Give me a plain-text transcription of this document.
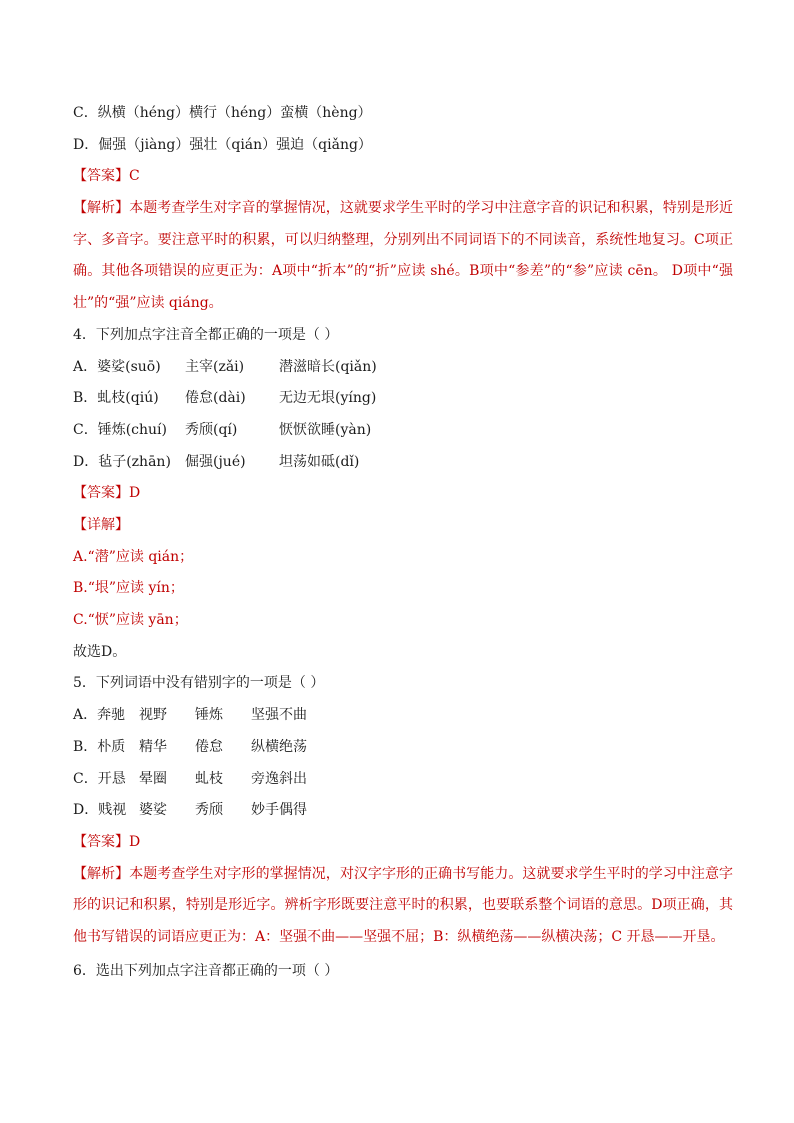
C．纵横（héng）横行（héng）蛮横（hèng）
D．倔强（jiàng）强壮（qián）强迫（qiǎng）
【答案】C
【解析】本题考查学生对字音的掌握情况，这就要求学生平时的学习中注意字音的识记和积累，特别是形近字、多音字。要注意平时的积累，可以归纳整理，分别列出不同词语下的不同读音，系统性地复习。C项正确。其他各项错误的应更正为：A项中“折本”的“折”应读 shé。B项中“参差”的“参”应读 cēn。 D项中“强壮”的“强”应读 qiáng。
4．下列加点字注音全都正确的一项是（ ）
A．婆娑(suō) 主宰(zǎi) 潜滋暗长(qiǎn)
B．虬枝(qiú) 倦怠(dài) 无边无垠(yíng)
C．锤炼(chuí) 秀颀(qí)	恹恹欲睡(yàn)
D．毡子(zhān) 倔强(jué) 坦荡如砥(dǐ)
【答案】D
【详解】
A.“潜”应读 qián；
B.“垠”应读 yín；
C.“恹”应读 yān；
故选D。
5．下列词语中没有错别字的一项是（ ）
A．奔驰 视野 锤炼 坚强不曲
B．朴质 精华 倦怠 纵横绝荡
C．开恳 晕圈 虬枝 旁逸斜出
D．贱视 婆娑 秀颀 妙手偶得
【答案】D
【解析】本题考查学生对字形的掌握情况，对汉字字形的正确书写能力。这就要求学生平时的学习中注意字形的识记和积累，特别是形近字。辨析字形既要注意平时的积累，也要联系整个词语的意思。D项正确，其他书写错误的词语应更正为：A：坚强不曲——坚强不屈；B：纵横绝荡——纵横决荡；C 开恳——开垦。
6．选出下列加点字注音都正确的一项（ ）
